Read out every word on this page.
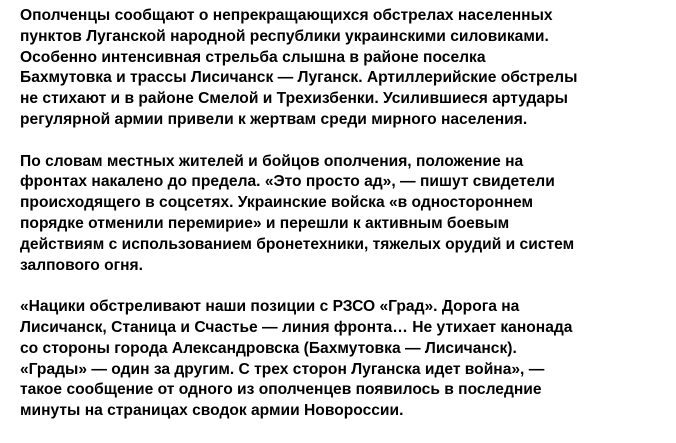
Ополченцы сообщают о непрекращающихся обстрелах населенных
пунктов Луганской народной республики украинскими силовиками.
Особенно интенсивная стрельба слышна в районе поселка
Бахмутовка и трассы Лисичанск — Луганск. Артиллерийские обстрелы
не стихают и в районе Смелой и Трехизбенки. Усилившиеся артудары
регулярной армии привели к жертвам среди мирного населения.

По словам местных жителей и бойцов ополчения, положение на
фронтах накалено до предела. «Это просто ад», — пишут свидетели
происходящего в соцсетях. Украинские войска «в одностороннем
порядке отменили перемирие» и перешли к активным боевым
действиям с использованием бронетехники, тяжелых орудий и систем
залпового огня.

«Нацики обстреливают наши позиции с РЗСО «Град». Дорога на
Лисичанск, Станица и Счастье — линия фронта… Не утихает канонада
со стороны города Александровска (Бахмутовка — Лисичанск).
«Грады» — один за другим. С трех сторон Луганска идет война», —
такое сообщение от одного из ополченцев появилось в последние
минуты на страницах сводок армии Новороссии.
